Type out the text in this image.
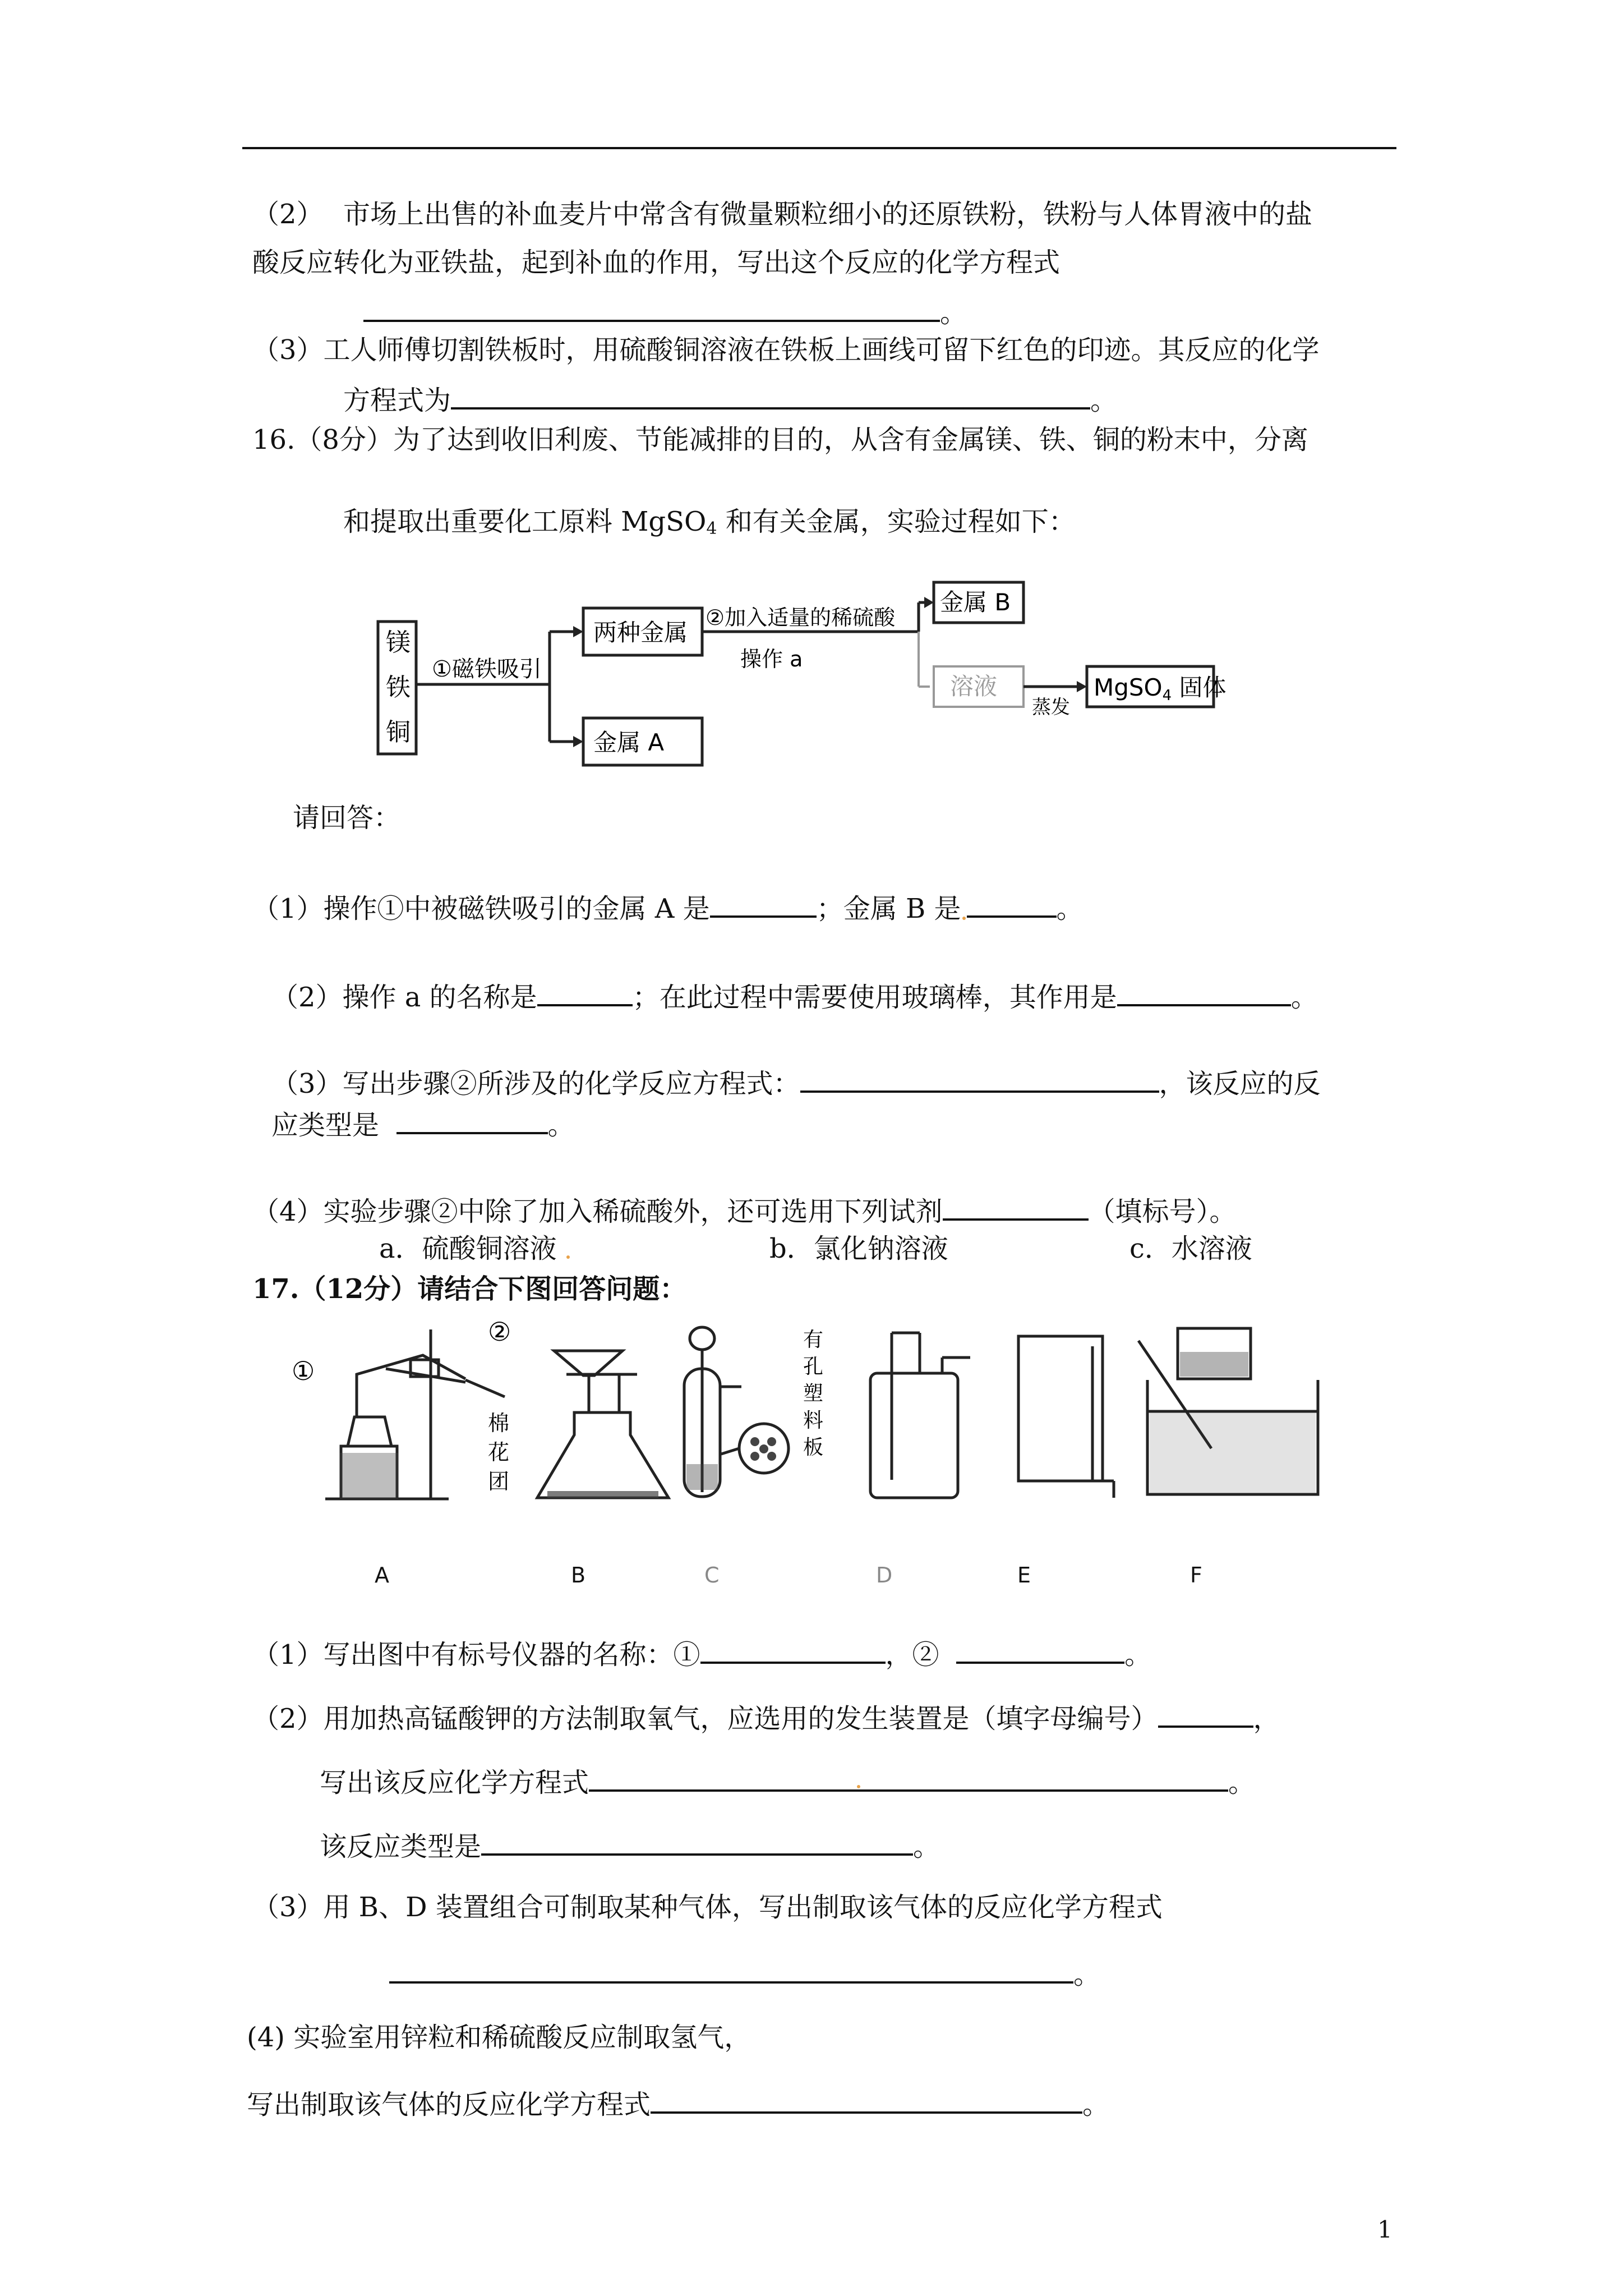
（2） 市场上出售的补血麦片中常含有微量颗粒细小的还原铁粉，铁粉与人体胃液中的盐
酸反应转化为亚铁盐，起到补血的作用，写出这个反应的化学方程式
。
（3）工人师傅切割铁板时，用硫酸铜溶液在铁板上画线可留下红色的印迹。其反应的化学
方程式为	。
16.（8分）为了达到收旧利废、节能减排的目的，从含有金属镁、铁、铜的粉末中，分离
和提取出重要化工原料 MgSO$_4$ 和有关金属，实验过程如下：
镁
铁
铜
①磁铁吸引
两种金属
金属 A
②加入适量的稀硫酸
操作 a
金属 B
溶液
蒸发
MgSO4 固体
请回答：
（1）操作①中被磁铁吸引的金属 A 是	；金属 B 是	。
（2）操作 a 的名称是	；在此过程中需要使用玻璃棒，其作用是	。
（3）写出步骤②所涉及的化学反应方程式：	，该反应的反
应类型是	。
（4）实验步骤②中除了加入稀硫酸外，还可选用下列试剂	（填标号）。
a．硫酸铜溶液	b．氯化钠溶液	c．水溶液
17.（12分）请结合下图回答问题：
①
②
棉
花
团
有
孔
塑
料
板
A	B	C	D	E	F
（1）写出图中有标号仪器的名称：①	，②	。
（2）用加热高锰酸钾的方法制取氧气，应选用的发生装置是（填字母编号）	，
写出该反应化学方程式	。
该反应类型是	。
（3）用 B、D 装置组合可制取某种气体，写出制取该气体的反应化学方程式
。
(4) 实验室用锌粒和稀硫酸反应制取氢气，
写出制取该气体的反应化学方程式	。
1
